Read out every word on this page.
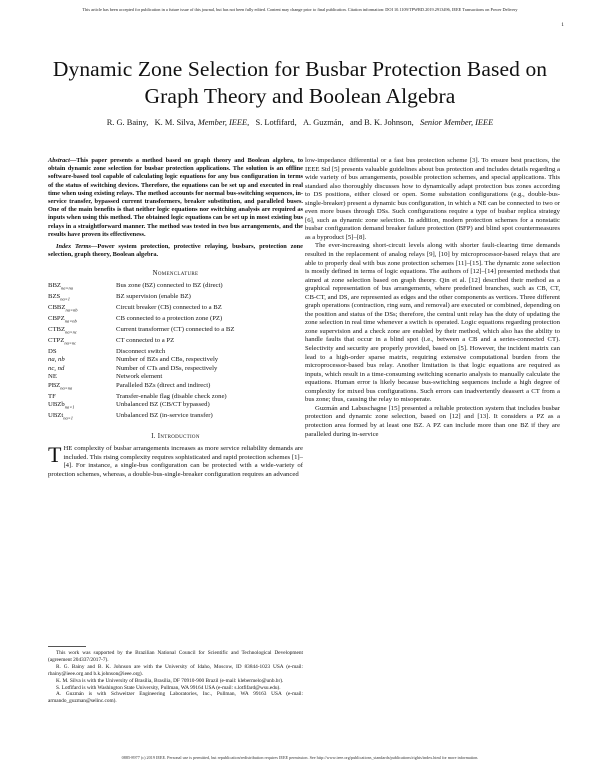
This article has been accepted for publication in a future issue of this journal, but has not been fully edited. Content may change prior to final publication. Citation information: DOI 10.1109/TPWRD.2019.2913496, IEEE Transactions on Power Delivery
1
Dynamic Zone Selection for Busbar Protection Based on Graph Theory and Boolean Algebra
R. G. Bainy, K. M. Silva, Member, IEEE, S. Lotfifard, A. Guzmán, and B. K. Johnson, Senior Member, IEEE

Abstract—This paper presents a method based on graph theory and Boolean algebra, to obtain dynamic zone selection for busbar protection applications. The solution is an offline software-based tool capable of calculating logic equations for any bus configuration in terms of the status of switching devices. Therefore, the equations can be set up and executed in real time when using existing relays. The method accounts for normal bus-switching sequences, in-service transfer, bypassed current transformers, breaker substitution, and paralleled buses. One of the main benefits is that neither logic equations nor switching analysis are required as inputs when using this method. The obtained logic equations can be set up in most existing bus relays in a straightforward manner. The method was tested in two bus arrangements, and the results have proven its effectiveness.

Index Terms—Power system protection, protective relaying, busbars, protection zone selection, graph theory, Boolean algebra.

Nomenclature
$BBZ_{na\times na}$	Bus zone (BZ) connected to BZ (direct)
$BZS_{na\times 1}$	BZ supervision (enable BZ)
$CBBZ_{na\times nb}$	Circuit breaker (CB) connected to a BZ
$CBPZ_{na\times nb}$	CB connected to a protection zone (PZ)
$CTBZ_{na\times nc}$	Current transformer (CT) connected to a BZ
$CTPZ_{na\times nc}$	CT connected to a PZ
DS	Disconnect switch
na, nb	Number of BZs and CBs, respectively
nc, nd	Number of CTs and DSs, respectively
NE	Network element
$PBZ_{na\times na}$	Paralleled BZs (direct and indirect)
TF	Transfer-enable flag (disable check zone)
UBZb$_{na\times 1}$	Unbalanced BZ (CB/CT bypassed)
UBZt$_{na\times 1}$	Unbalanced BZ (in-service transfer)
I. Introduction

THE complexity of busbar arrangements increases as more service reliability demands are included. This rising complexity requires sophisticated and rapid protection schemes [1]–[4]. For instance, a single-bus configuration can be protected with a wide-variety of protection schemes, whereas, a double-bus-single-breaker configuration requires an advanced

This work was supported by the Brazilian National Council for Scientific and Technological Development (agreement 204337/2017-7).

R. G. Bainy and B. K. Johnson are with the University of Idaho, Moscow, ID 83844-1023 USA (e-mail: rbainy@ieee.org and b.k.johnson@ieee.org).

K. M. Silva is with the University of Brasília, Brasília, DF 70910-900 Brazil (e-mail: klebermelo@unb.br).

S. Lotfifard is with Washington State University, Pullman, WA 99164 USA (e-mail: s.lotfifard@wsu.edu).

A. Guzmán is with Schweitzer Engineering Laboratories, Inc., Pullman, WA 99163 USA (e-mail: armando_guzman@selinc.com).

low-impedance differential or a fast bus protection scheme [3]. To ensure best practices, the IEEE Std [5] presents valuable guidelines about bus protection and includes details regarding a wide variety of bus arrangements, possible protection schemes, and special applications. This standard also thoroughly discusses how to dynamically adapt protection bus zones according to DS positions, either closed or open. Some substation configurations (e.g., double-bus-single-breaker) present a dynamic bus configuration, in which a NE can be connected to two or even more buses through DSs. Such configurations require a type of busbar replica strategy [6], such as dynamic zone selection. In addition, modern protection schemes for a nonstatic busbar configuration demand breaker failure protection (BFP) and blind spot countermeasures as a byproduct [5]–[8].

The ever-increasing short-circuit levels along with shorter fault-clearing time demands resulted in the replacement of analog relays [9], [10] by microprocessor-based relays that are able to properly deal with bus zone protection schemes [11]–[15]. The dynamic zone selection is mostly defined in terms of logic equations. The authors of [12]–[14] presented methods that aimed at zone selection based on graph theory. Qin et al. [12] described their method as a graphical representation of bus arrangements, where predefined branches, such as CB, CT, CB-CT, and DS, are represented as edges and the other components as vertices. Three different graph operations (contraction, ring sum, and removal) are executed or combined, depending on the position and status of the DSs; therefore, the central unit relay has the duty of updating the zone selection in real time whenever a switch is operated. Logic equations regarding protection zone supervision and a check zone are enabled by their method, which also has the ability to handle faults that occur in a blind spot (i.e., between a CB and a series-connected CT). Selectivity and security are properly provided, based on [5]. However, the incident matrix can lead to a high-order sparse matrix, requiring extensive computational burden from the microprocessor-based bus relay. Another limitation is that logic equations are required as inputs, which result in a time-consuming switching scenario analysis to manually calculate the equations. Human error is likely because bus-switching sequences include a high degree of complexity for mixed bus configurations. Such errors can inadvertently deassert a CT from a bus zone; thus, causing the relay to misoperate.

Guzmán and Labuschagne [15] presented a reliable protection system that includes busbar protection and dynamic zone selection, based on [12] and [13]. It considers a PZ as a protection area formed by at least one BZ. A PZ can include more than one BZ if they are paralleled during in-service

0885-8977 (c) 2019 IEEE. Personal use is permitted, but republication/redistribution requires IEEE permission. See http://www.ieee.org/publications_standards/publications/rights/index.html for more information.
